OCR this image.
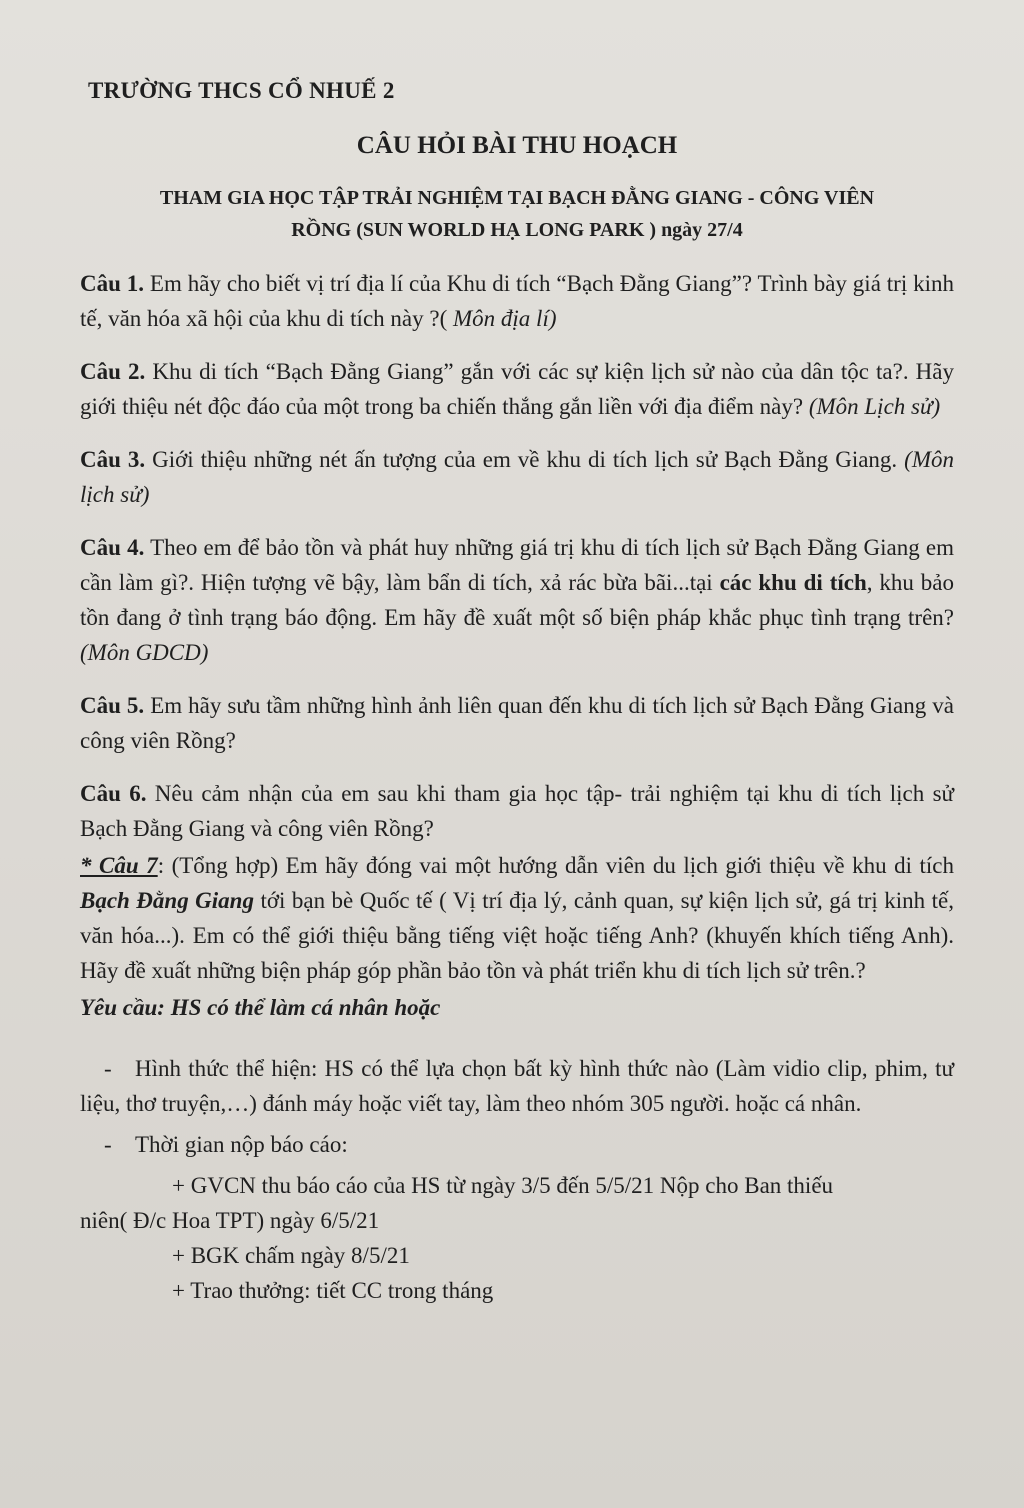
TRƯỜNG THCS CỔ NHUẾ 2
CÂU HỎI BÀI THU HOẠCH
THAM GIA HỌC TẬP TRẢI NGHIỆM TẠI BẠCH ĐẰNG GIANG - CÔNG VIÊN
RỒNG (SUN WORLD HẠ LONG PARK ) ngày 27/4

Câu 1. Em hãy cho biết vị trí địa lí của Khu di tích “Bạch Đằng Giang”? Trình bày giá trị kinh tế, văn hóa xã hội của khu di tích này ?( Môn địa lí)

Câu 2. Khu di tích “Bạch Đằng Giang” gắn với các sự kiện lịch sử nào của dân tộc ta?. Hãy giới thiệu nét độc đáo của một trong ba chiến thắng gắn liền với địa điểm này? (Môn Lịch sử)

Câu 3. Giới thiệu những nét ấn tượng của em về khu di tích lịch sử Bạch Đằng Giang. (Môn lịch sử)

Câu 4. Theo em để bảo tồn và phát huy những giá trị khu di tích lịch sử Bạch Đằng Giang em cần làm gì?. Hiện tượng vẽ bậy, làm bẩn di tích, xả rác bừa bãi...tại các khu di tích, khu bảo tồn đang ở tình trạng báo động. Em hãy đề xuất một số biện pháp khắc phục tình trạng trên? (Môn GDCD)

Câu 5. Em hãy sưu tầm những hình ảnh liên quan đến khu di tích lịch sử Bạch Đằng Giang và công viên Rồng?

Câu 6. Nêu cảm nhận của em sau khi tham gia học tập- trải nghiệm tại khu di tích lịch sử Bạch Đằng Giang và công viên Rồng?

* Câu 7: (Tổng hợp) Em hãy đóng vai một hướng dẫn viên du lịch giới thiệu về khu di tích Bạch Đằng Giang tới bạn bè Quốc tế ( Vị trí địa lý, cảnh quan, sự kiện lịch sử, gá trị kinh tế, văn hóa...). Em có thể giới thiệu bằng tiếng việt hoặc tiếng Anh? (khuyến khích tiếng Anh). Hãy đề xuất những biện pháp góp phần bảo tồn và phát triển khu di tích lịch sử trên.?

Yêu cầu: HS có thể làm cá nhân hoặc

- Hình thức thể hiện: HS có thể lựa chọn bất kỳ hình thức nào (Làm vidio clip, phim, tư liệu, thơ truyện,…) đánh máy hoặc viết tay, làm theo nhóm 305 người. hoặc cá nhân.

- Thời gian nộp báo cáo:

+ GVCN thu báo cáo của HS từ ngày 3/5 đến 5/5/21 Nộp cho Ban thiếu

niên( Đ/c Hoa TPT) ngày 6/5/21

+ BGK chấm ngày 8/5/21

+ Trao thưởng: tiết CC trong tháng
